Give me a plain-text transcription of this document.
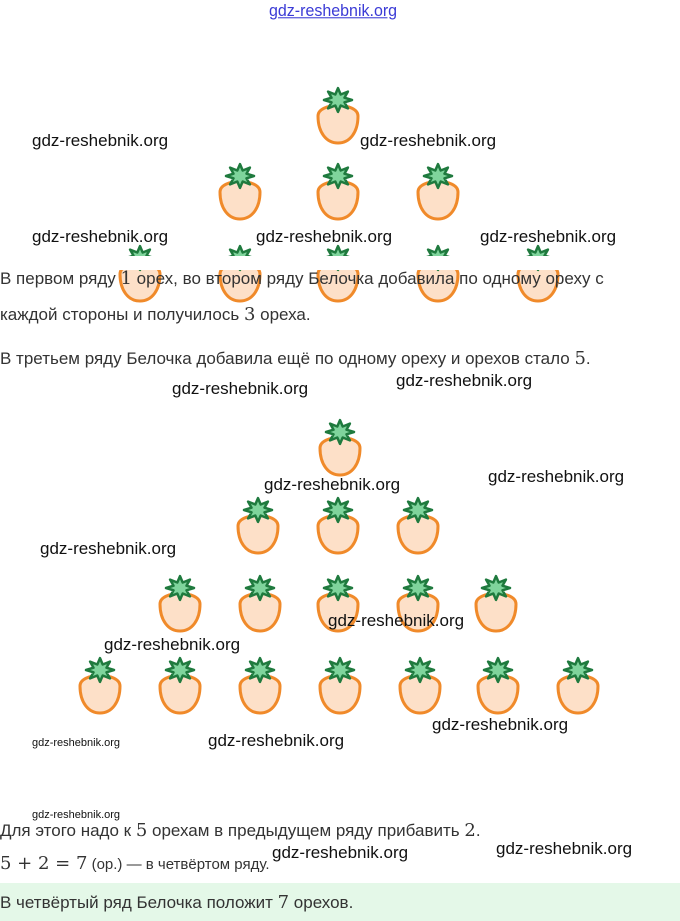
gdz-reshebnik.org
gdz-reshebnik.org	gdz-reshebnik.org
gdz-reshebnik.org	gdz-reshebnik.org	gdz-reshebnik.org
gdz-reshebnik.org	gdz-reshebnik.org
gdz-reshebnik.org	gdz-reshebnik.org
gdz-reshebnik.org
gdz-reshebnik.org
gdz-reshebnik.org
gdz-reshebnik.org
gdz-reshebnik.org
gdz-reshebnik.org
gdz-reshebnik.org
gdz-reshebnik.org	gdz-reshebnik.org
В первом ряду 1 орех, во втором ряду Белочка добавила по одному ореху с
каждой стороны и получилось 3 ореха.
В третьем ряду Белочка добавила ещё по одному ореху и орехов стало 5.
Для этого надо к 5 орехам в предыдущем ряду прибавить 2.
5 + 2 = 7 (ор.) — в четвёртом ряду.
В четвёртый ряд Белочка положит 7 орехов.
